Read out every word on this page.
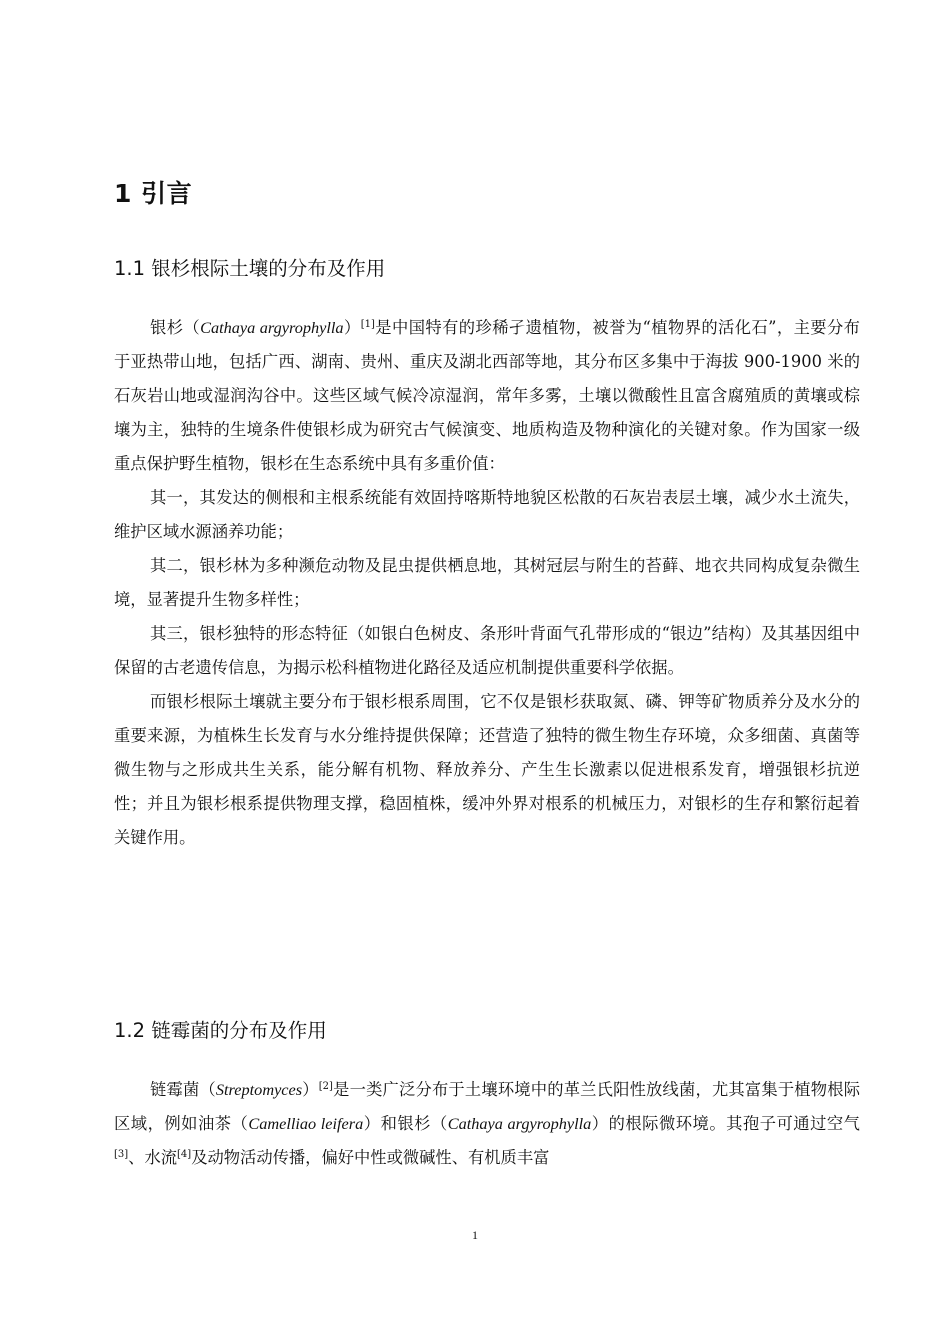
1 引言
1.1 银杉根际土壤的分布及作用

银杉（Cathaya argyrophylla）[1]是中国特有的珍稀孑遗植物，被誉为“植物界的活化石”，主要分布于亚热带山地，包括广西、湖南、贵州、重庆及湖北西部等地，其分布区多集中于海拔 900-1900 米的石灰岩山地或湿润沟谷中。这些区域气候冷凉湿润，常年多雾，土壤以微酸性且富含腐殖质的黄壤或棕壤为主，独特的生境条件使银杉成为研究古气候演变、地质构造及物种演化的关键对象。作为国家一级重点保护野生植物，银杉在生态系统中具有多重价值：

其一，其发达的侧根和主根系统能有效固持喀斯特地貌区松散的石灰岩表层土壤，减少水土流失，维护区域水源涵养功能；

其二，银杉林为多种濒危动物及昆虫提供栖息地，其树冠层与附生的苔藓、地衣共同构成复杂微生境，显著提升生物多样性；

其三，银杉独特的形态特征（如银白色树皮、条形叶背面气孔带形成的“银边”结构）及其基因组中保留的古老遗传信息，为揭示松科植物进化路径及适应机制提供重要科学依据。

而银杉根际土壤就主要分布于银杉根系周围，它不仅是银杉获取氮、磷、钾等矿物质养分及水分的重要来源，为植株生长发育与水分维持提供保障；还营造了独特的微生物生存环境，众多细菌、真菌等微生物与之形成共生关系，能分解有机物、释放养分、产生生长激素以促进根系发育，增强银杉抗逆性；并且为银杉根系提供物理支撑，稳固植株，缓冲外界对根系的机械压力，对银杉的生存和繁衍起着关键作用。

1.2 链霉菌的分布及作用

链霉菌（Streptomyces）[2]是一类广泛分布于土壤环境中的革兰氏阳性放线菌，尤其富集于植物根际区域，例如油茶（Camelliao leifera）和银杉（Cathaya argyrophylla）的根际微环境。其孢子可通过空气[3]、水流[4]及动物活动传播，偏好中性或微碱性、有机质丰富

1
